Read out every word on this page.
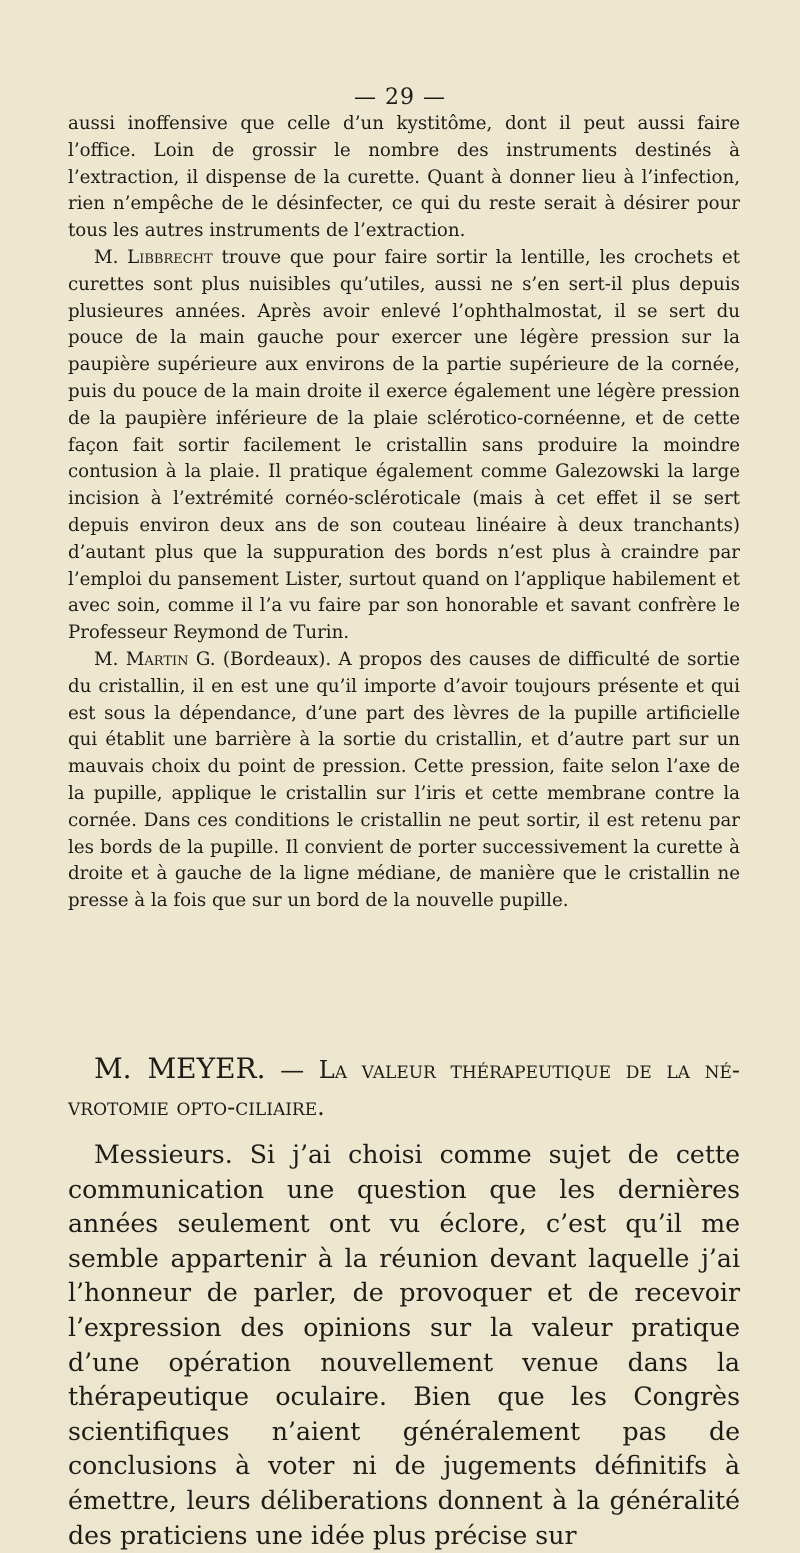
— 29 —

aussi inoffensive que celle d’un kystitôme, dont il peut aussi faire l’office. Loin de grossir le nombre des instruments destinés à l’extraction, il dispense de la curette. Quant à donner lieu à l’infection, rien n’empêche de le désinfecter, ce qui du reste serait à désirer pour tous les autres instruments de l’extraction.

M. Libbrecht trouve que pour faire sortir la lentille, les crochets et curettes sont plus nuisibles qu’utiles, aussi ne s’en sert-il plus depuis plusieures années. Après avoir enlevé l’ophthalmostat, il se sert du pouce de la main gauche pour exercer une légère pression sur la paupière supérieure aux environs de la partie supérieure de la cornée, puis du pouce de la main droite il exerce également une légère pression de la paupière inférieure de la plaie sclérotico-cornéenne, et de cette façon fait sortir facilement le cristallin sans produire la moindre contusion à la plaie. Il pratique également comme Galezowski la large incision à l’extrémité cornéo-scléroticale (mais à cet effet il se sert depuis environ deux ans de son couteau linéaire à deux tranchants) d’autant plus que la suppuration des bords n’est plus à craindre par l’emploi du pansement Lister, surtout quand on l’applique habilement et avec soin, comme il l’a vu faire par son honorable et savant confrère le Professeur Reymond de Turin.

M. Martin G. (Bordeaux). A propos des causes de difficulté de sortie du cristallin, il en est une qu’il importe d’avoir toujours présente et qui est sous la dépendance, d’une part des lèvres de la pupille artificielle qui établit une barrière à la sortie du cristallin, et d’autre part sur un mauvais choix du point de pression. Cette pression, faite selon l’axe de la pupille, applique le cristallin sur l’iris et cette membrane contre la cornée. Dans ces conditions le cristallin ne peut sortir, il est retenu par les bords de la pupille. Il convient de porter successivement la curette à droite et à gauche de la ligne médiane, de manière que le cristallin ne presse à la fois que sur un bord de la nouvelle pupille.

M. MEYER. — La valeur thérapeutique de la névrotomie opto-ciliaire.

Messieurs. Si j’ai choisi comme sujet de cette communication une question que les dernières années seulement ont vu éclore, c’est qu’il me semble appartenir à la réunion devant laquelle j’ai l’honneur de parler, de provoquer et de recevoir l’expression des opinions sur la valeur pratique d’une opération nouvellement venue dans la thérapeutique oculaire. Bien que les Congrès scientifiques n’aient généralement pas de conclusions à voter ni de jugements définitifs à émettre, leurs déliberations donnent à la généralité des praticiens une idée plus précise sur
